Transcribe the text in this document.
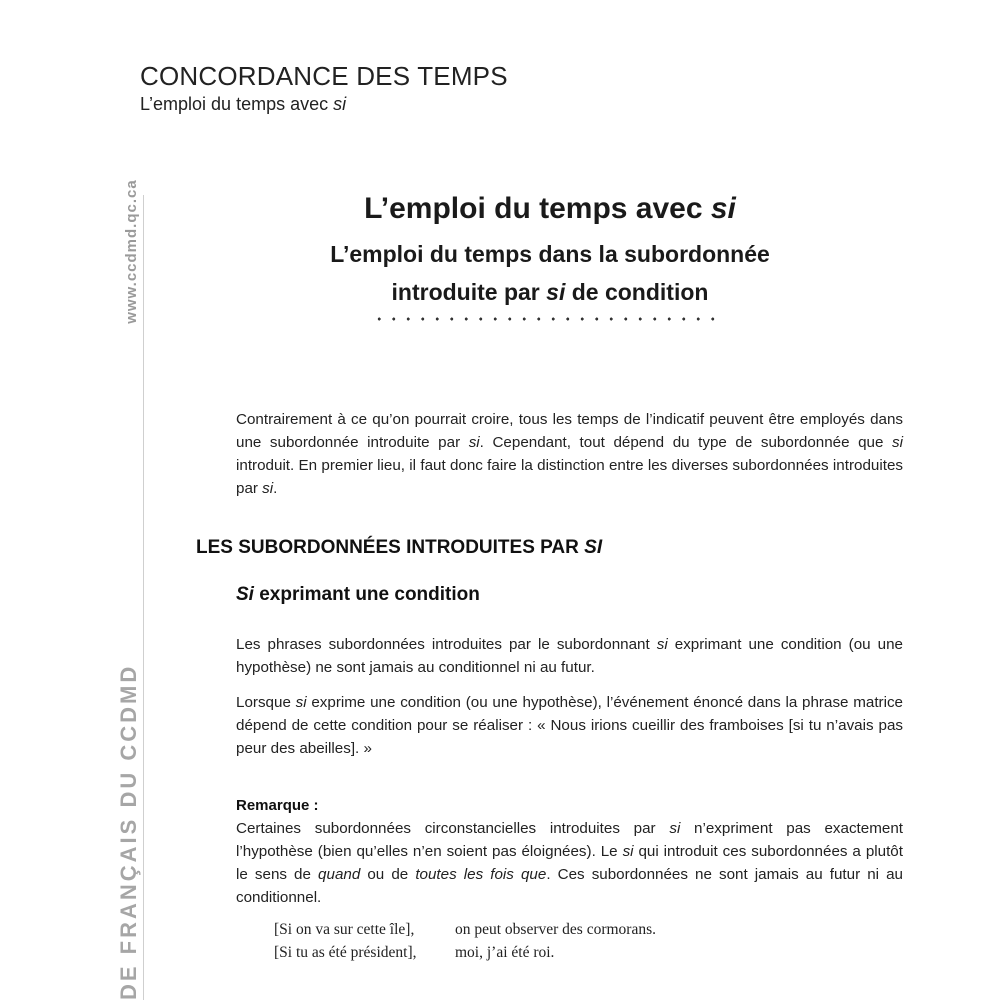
CONCORDANCE DES TEMPS
L’emploi du temps avec si
DE FRANÇAIS DU CCDMDwww.ccdmd.qc.ca	L’emploi du temps avec si
L’emploi du temps dans la subordonnée
introduite par si de condition
Contrairement à ce qu’on pourrait croire, tous les temps de l’indicatif peuvent être employés dans une subordonnée introduite par si. Cependant, tout dépend du type de subordonnée que si introduit. En premier lieu, il faut donc faire la distinction entre les diverses subordonnées introduites par si.
LES SUBORDONNÉES INTRODUITES PAR SI
Si exprimant une condition
Les phrases subordonnées introduites par le subordonnant si exprimant une condition (ou une hypothèse) ne sont jamais au conditionnel ni au futur.
Lorsque si exprime une condition (ou une hypothèse), l’événement énoncé dans la phrase matrice dépend de cette condition pour se réaliser : « Nous irions cueillir des framboises [si tu n’avais pas peur des abeilles]. »
Remarque :
Certaines subordonnées circonstancielles introduites par si n’expriment pas exactement l’hypothèse (bien qu’elles n’en soient pas éloignées). Le si qui introduit ces subordonnées a plutôt le sens de quand ou de toutes les fois que. Ces subordonnées ne sont jamais au futur ni au conditionnel.
[Si on va sur cette île],	on peut observer des cormorans.
[Si tu as été président], moi, j’ai été roi.
